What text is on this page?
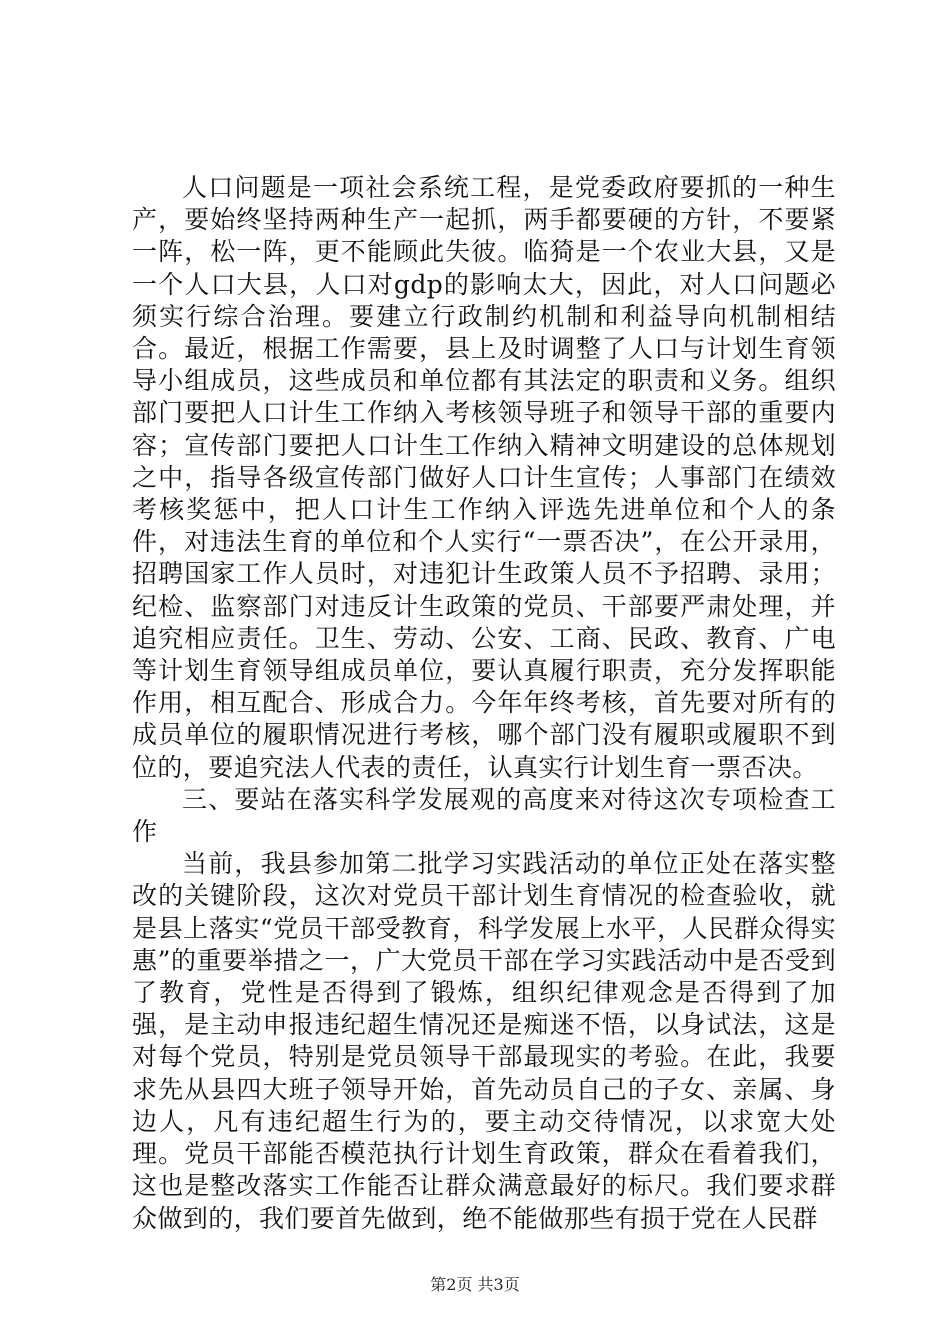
人口问题是一项社会系统工程，是党委政府要抓的一种生产，要始终坚持两种生产一起抓，两手都要硬的方针，不要紧一阵，松一阵，更不能顾此失彼。临猗是一个农业大县，又是一个人口大县，人口对gdp的影响太大，因此，对人口问题必须实行综合治理。要建立行政制约机制和利益导向机制相结合。最近，根据工作需要，县上及时调整了人口与计划生育领导小组成员，这些成员和单位都有其法定的职责和义务。组织部门要把人口计生工作纳入考核领导班子和领导干部的重要内容；宣传部门要把人口计生工作纳入精神文明建设的总体规划之中，指导各级宣传部门做好人口计生宣传；人事部门在绩效考核奖惩中，把人口计生工作纳入评选先进单位和个人的条件，对违法生育的单位和个人实行“一票否决”，在公开录用，招聘国家工作人员时，对违犯计生政策人员不予招聘、录用；纪检、监察部门对违反计生政策的党员、干部要严肃处理，并追究相应责任。卫生、劳动、公安、工商、民政、教育、广电等计划生育领导组成员单位，要认真履行职责，充分发挥职能作用，相互配合、形成合力。今年年终考核，首先要对所有的成员单位的履职情况进行考核，哪个部门没有履职或履职不到位的，要追究法人代表的责任，认真实行计划生育一票否决。

三、要站在落实科学发展观的高度来对待这次专项检查工作

当前，我县参加第二批学习实践活动的单位正处在落实整改的关键阶段，这次对党员干部计划生育情况的检查验收，就是县上落实“党员干部受教育，科学发展上水平，人民群众得实惠”的重要举措之一，广大党员干部在学习实践活动中是否受到了教育，党性是否得到了锻炼，组织纪律观念是否得到了加强，是主动申报违纪超生情况还是痴迷不悟，以身试法，这是对每个党员，特别是党员领导干部最现实的考验。在此，我要求先从县四大班子领导开始，首先动员自己的子女、亲属、身边人，凡有违纪超生行为的，要主动交待情况，以求宽大处理。党员干部能否模范执行计划生育政策，群众在看着我们，这也是整改落实工作能否让群众满意最好的标尺。我们要求群众做到的，我们要首先做到，绝不能做那些有损于党在人民群

第2页 共3页
